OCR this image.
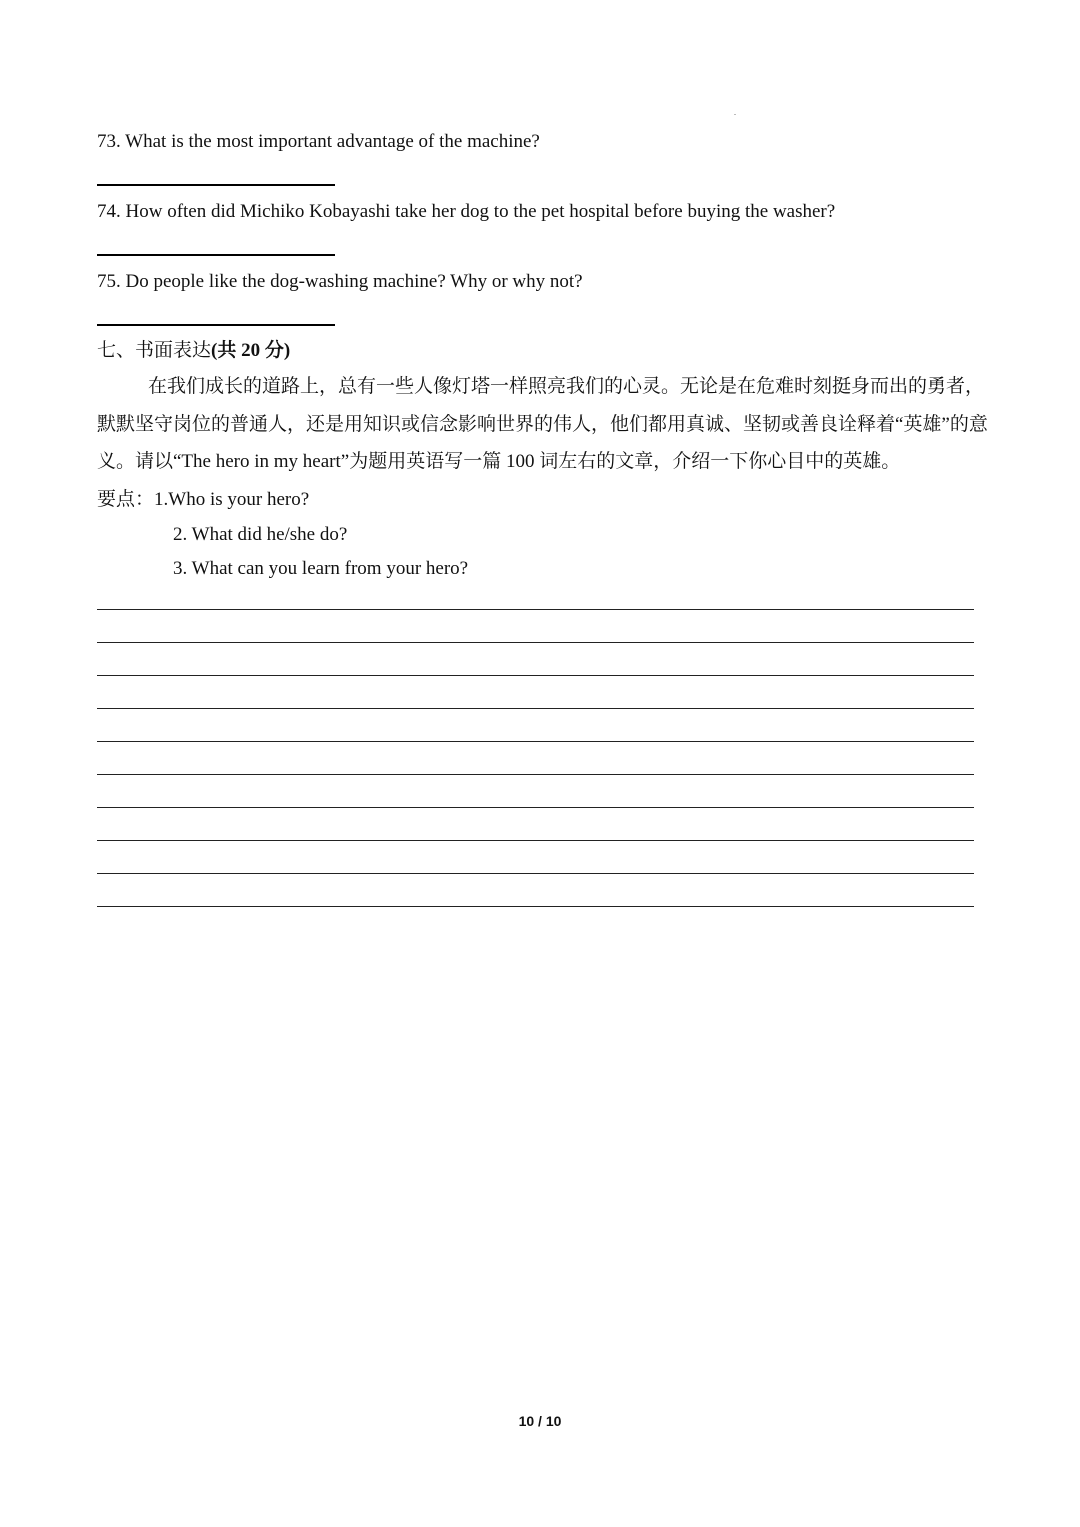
73. What is the most important advantage of the machine?
74. How often did Michiko Kobayashi take her dog to the pet hospital before buying the washer?
75. Do people like the dog-washing machine? Why or why not?
七、书面表达(共 20 分)
在我们成长的道路上，总有一些人像灯塔一样照亮我们的心灵。无论是在危难时刻挺身而出的勇者，
默默坚守岗位的普通人，还是用知识或信念影响世界的伟人，他们都用真诚、坚韧或善良诠释着“英雄”的意
义。请以“The hero in my heart”为题用英语写一篇 100 词左右的文章，介绍一下你心目中的英雄。
要点：1.Who is your hero?
2. What did he/she do?
3. What can you learn from your hero?
10 / 10
